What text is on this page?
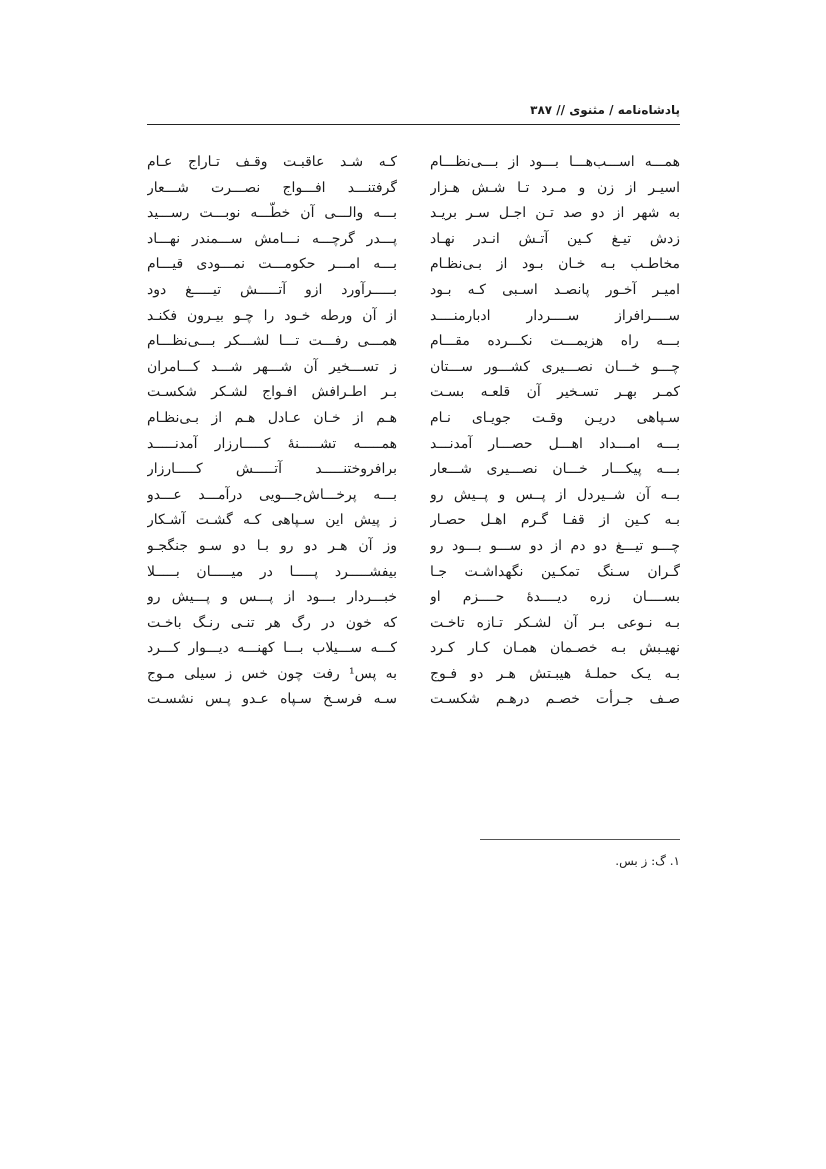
پادشاه‌نامه / مثنوی // ۳۸۷
همـــه اســـب‌هـــا بـــود از بـــی‌نظـــام
اسیـر از زن و مـرد تـا شـش هـزار
به شهر از دو صد تـن اجـل سـر بریـد
زدش تیـغ کـین آتـش انـدر نهـاد
مخاطـب بـه خـان بـود از بـی‌نظـام
امیـر آخـور پانصـد اسـبی کـه بـود
ســــرافراز ســــردار ادبارمنــــد
بـــه راه هزیمـــت نکـــرده مقـــام
چـــو خـــان نصـــیری کشـــور ســـتان
کمـر بهـر تسـخیر آن قلعـه بسـت
سـپاهی دریـن وقـت جویـای نـام
بـــه امـــداد اهـــل حصـــار آمدنـــد
بـــه پیکـــار خـــان نصـــیری شـــعار
بــه آن شــیردل از پــس و پــیش رو
بـه کـین از قفـا گـرم اهـل حصـار
چـــو تیـــغ دو دم از دو ســـو بـــود رو
گـران سـنگ تمکـین نگهداشـت جـا
بســــان زره دیــــدۀ حــــزم او
بـه نـوعی بـر آن لشـکر تـازه تاخـت
نهیـبش بـه خصـمان همـان کـار کـرد
بـه یـک حملـۀ هیبـتش هـر دو فـوج
صـف جـرأت خصـم درهـم شکسـت
کـه شـد عاقبـت وقـف تـاراج عـام
گرفتنـــد افـــواج نصـــرت شـــعار
بـــه والـــی آن خطّـــه نوبـــت رســـید
پـــدر گرچـــه نـــامش ســـمندر نهـــاد
بـــه امـــر حکومـــت نمـــودی قیـــام
بـــــرآورد ازو آتـــــش تیـــــغ دود
از آن ورطه خـود را چـو بیـرون فکنـد
همـــی رفـــت تـــا لشـــکر بـــی‌نظـــام
ز تســـخیر آن شـــهر شـــد کـــامران
بـر اطـرافش افـواج لشـکر شکسـت
هـم از خـان عـادل هـم از بـی‌نظـام
همـــــه تشـــــنۀ کـــــارزار آمدنـــــد
برافروختنـــــد آتـــــش کـــــارزار
بـــه پرخـــاش‌جـــویی درآمـــد عـــدو
ز پیش این سـپاهی کـه گشـت آشـکار
وز آن هـر دو رو بـا دو سـو جنگجـو
بیفشـــــرد پـــــا در میـــــان بـــــلا
خبـــردار بـــود از پـــس و پـــیش رو
که خون در رگ هر تنـی رنـگ باخـت
کـــه ســـیلاب بـــا کهنـــه دیـــوار کـــرد
به پس¹ رفت چون خس ز سیلی مـوج
سـه فرسـخ سـپاه عـدو پـس نشسـت
۱. گ: ز بس.
